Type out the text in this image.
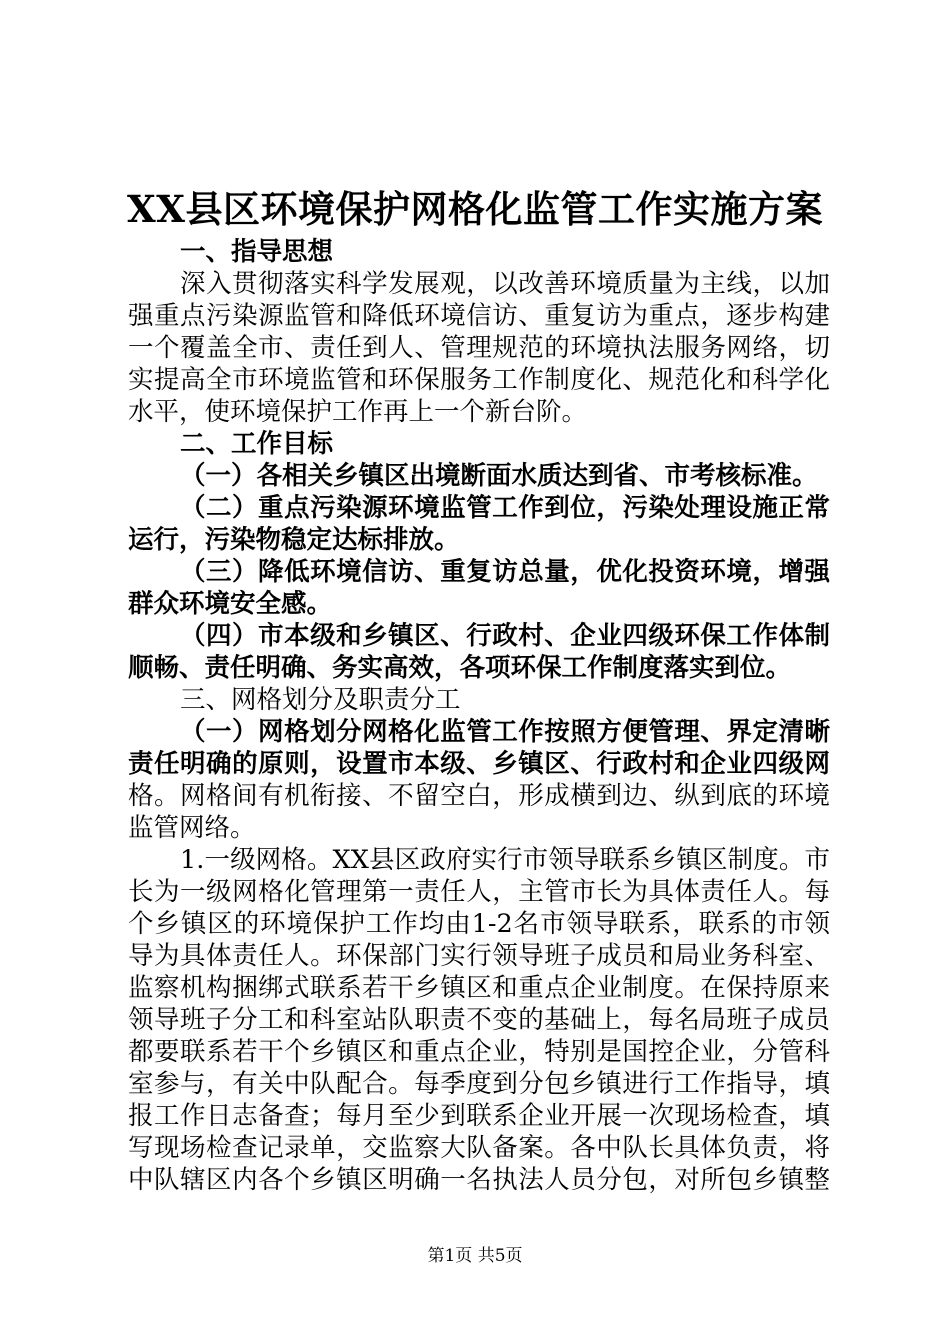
XX县区环境保护网格化监管工作实施方案
一、指导思想
深入贯彻落实科学发展观，以改善环境质量为主线，以加
强重点污染源监管和降低环境信访、重复访为重点，逐步构建
一个覆盖全市、责任到人、管理规范的环境执法服务网络，切
实提高全市环境监管和环保服务工作制度化、规范化和科学化
水平，使环境保护工作再上一个新台阶。
二、工作目标
（一）各相关乡镇区出境断面水质达到省、市考核标准。
（二）重点污染源环境监管工作到位，污染处理设施正常
运行，污染物稳定达标排放。
（三）降低环境信访、重复访总量，优化投资环境，增强
群众环境安全感。
（四）市本级和乡镇区、行政村、企业四级环保工作体制
顺畅、责任明确、务实高效，各项环保工作制度落实到位。
三、网格划分及职责分工
（一）网格划分网格化监管工作按照方便管理、界定清晰
责任明确的原则，设置市本级、乡镇区、行政村和企业四级网
格。网格间有机衔接、不留空白，形成横到边、纵到底的环境
监管网络。
1.一级网格。XX县区政府实行市领导联系乡镇区制度。市
长为一级网格化管理第一责任人，主管市长为具体责任人。每
个乡镇区的环境保护工作均由1-2名市领导联系，联系的市领
导为具体责任人。环保部门实行领导班子成员和局业务科室、
监察机构捆绑式联系若干乡镇区和重点企业制度。在保持原来
领导班子分工和科室站队职责不变的基础上，每名局班子成员
都要联系若干个乡镇区和重点企业，特别是国控企业，分管科
室参与，有关中队配合。每季度到分包乡镇进行工作指导，填
报工作日志备查；每月至少到联系企业开展一次现场检查，填
写现场检查记录单，交监察大队备案。各中队长具体负责，将
中队辖区内各个乡镇区明确一名执法人员分包，对所包乡镇整
第1页 共5页
